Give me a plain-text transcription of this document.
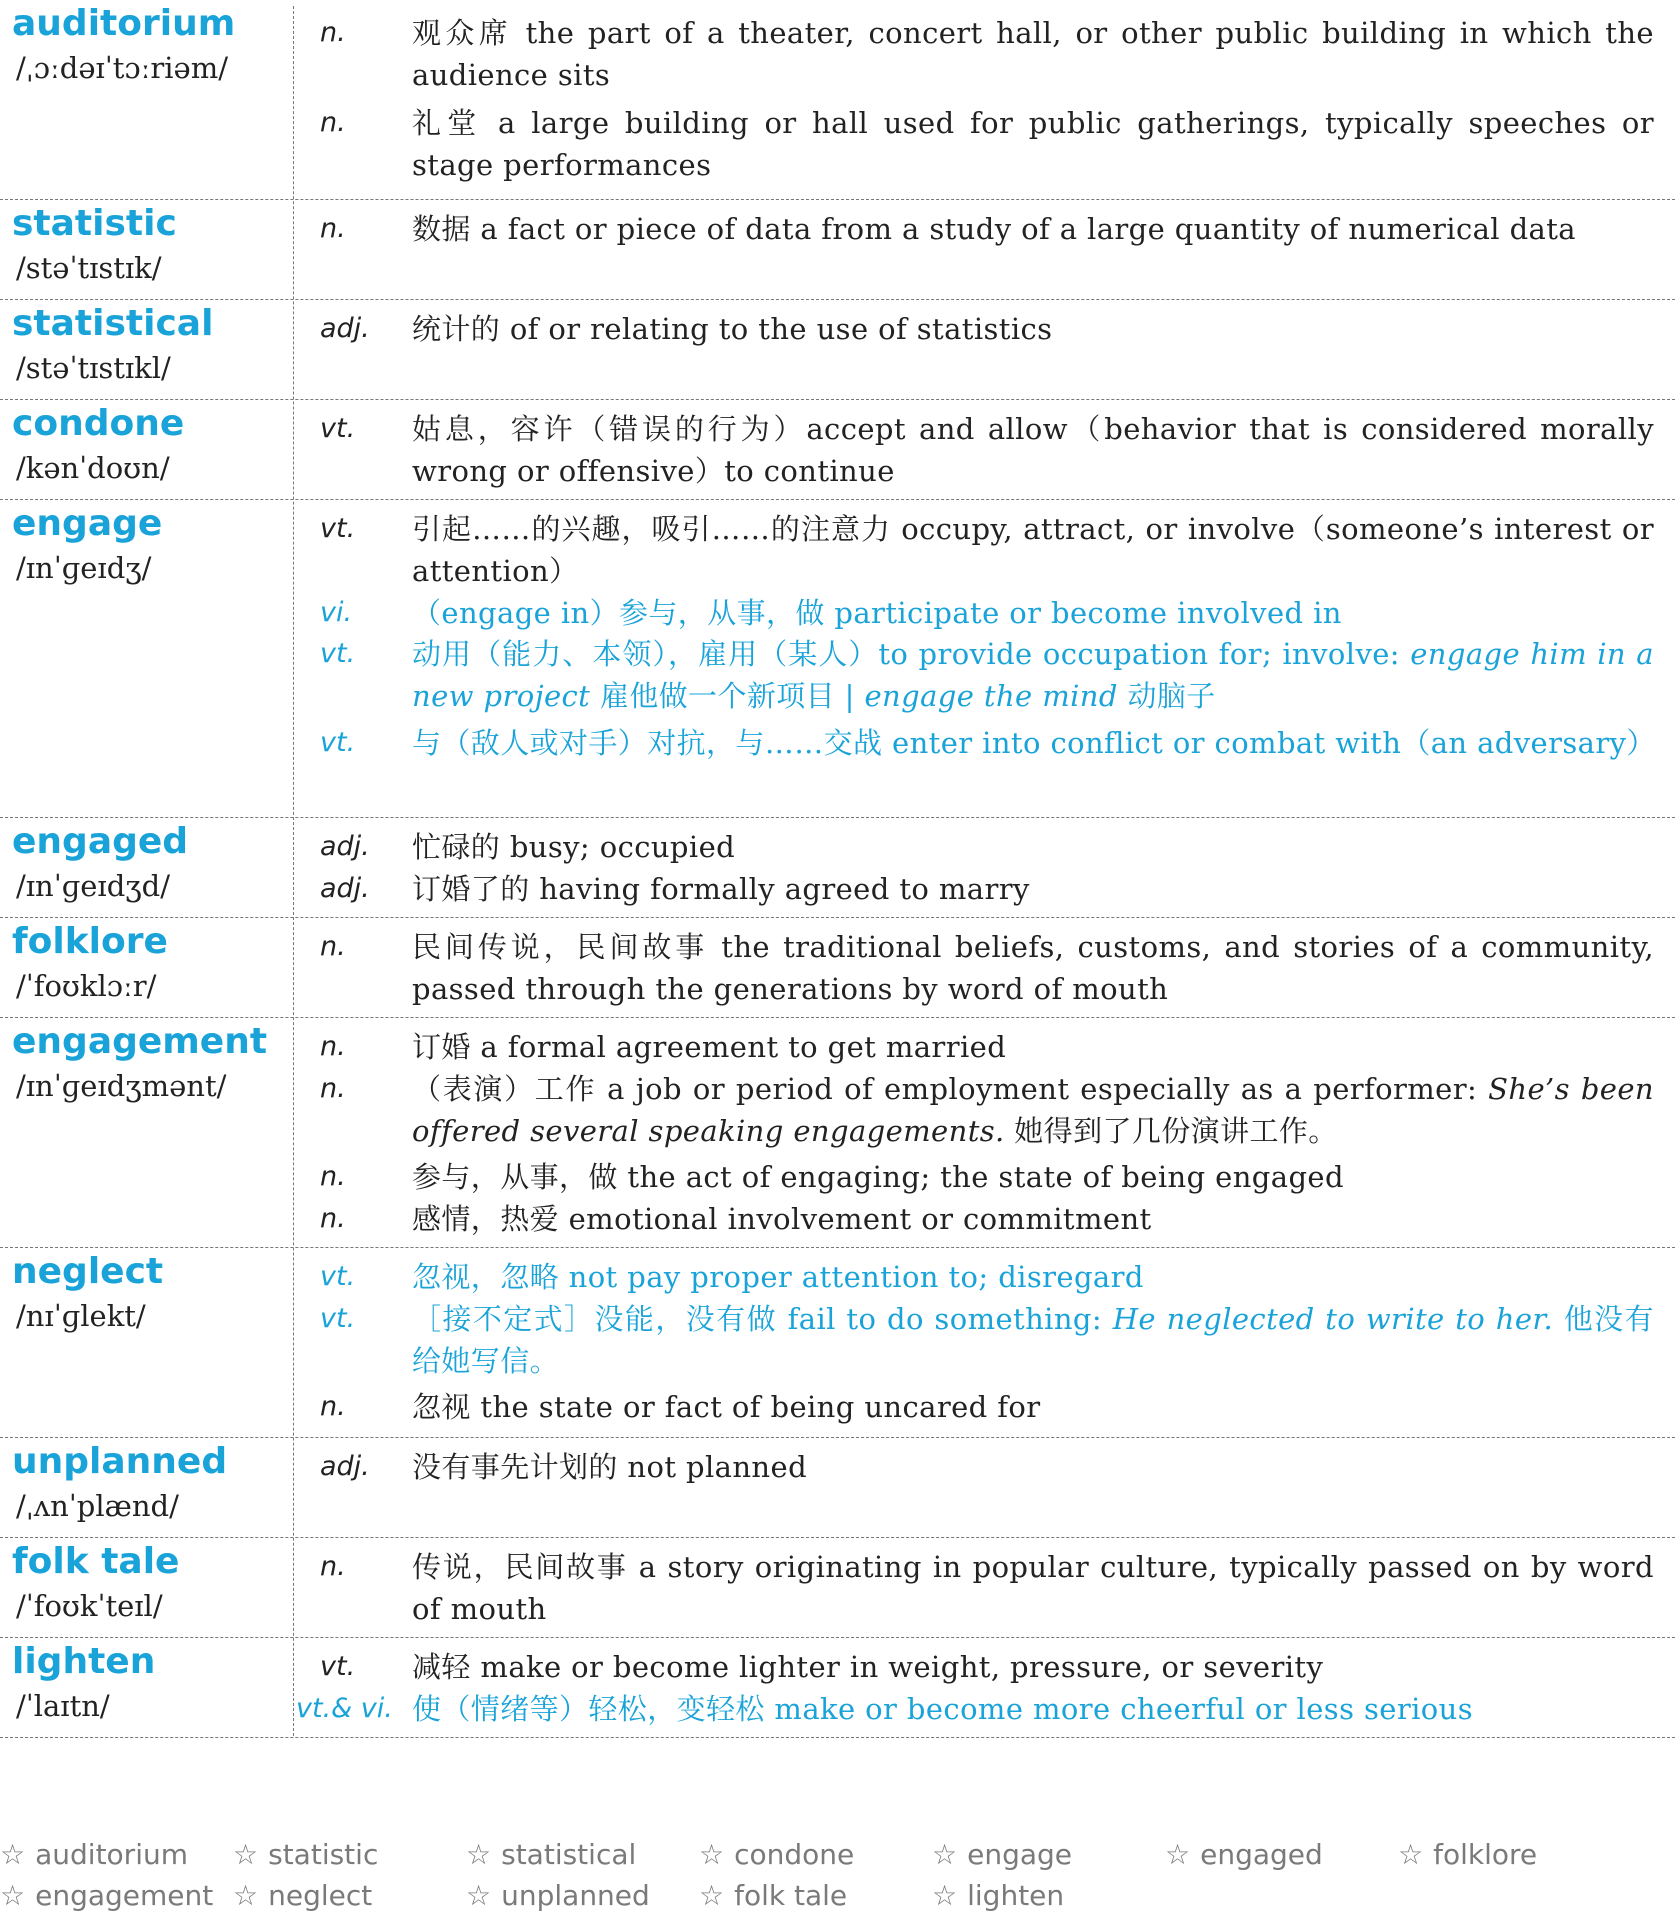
auditorium
/ˌɔːdəɪˈtɔːriəm/
n. 观众席 the part of a theater, concert hall, or other public building in which the audience sits
n. 礼堂 a large building or hall used for public gatherings, typically speeches or stage performances
statistic
/stəˈtɪstɪk/
n. 数据 a fact or piece of data from a study of a large quantity of numerical data
statistical
/stəˈtɪstɪkl/
adj. 统计的 of or relating to the use of statistics
condone
/kənˈdoʊn/
vt. 姑息，容许（错误的行为）accept and allow（behavior that is considered morally wrong or offensive）to continue
engage
/ɪnˈɡeɪdʒ/
vt. 引起……的兴趣，吸引……的注意力 occupy, attract, or involve（someone’s interest or attention）
vi. （engage in）参与，从事，做 participate or become involved in
vt. 动用（能力、本领），雇用（某人）to provide occupation for; involve: engage him in a new project 雇他做一个新项目 | engage the mind 动脑子
vt. 与（敌人或对手）对抗，与……交战 enter into conflict or combat with（an adversary）
engaged
/ɪnˈɡeɪdʒd/
adj. 忙碌的 busy; occupied
adj. 订婚了的 having formally agreed to marry
folklore
/ˈfoʊklɔːr/
n. 民间传说，民间故事 the traditional beliefs, customs, and stories of a community, passed through the generations by word of mouth
engagement
/ɪnˈɡeɪdʒmənt/
n. 订婚 a formal agreement to get married
n. （表演）工作 a job or period of employment especially as a performer: She’s been offered several speaking engagements. 她得到了几份演讲工作。
n. 参与，从事，做 the act of engaging; the state of being engaged
n. 感情，热爱 emotional involvement or commitment
neglect
/nɪˈɡlekt/
vt. 忽视，忽略 not pay proper attention to; disregard
vt. ［接不定式］没能，没有做 fail to do something: He neglected to write to her. 他没有给她写信。
n. 忽视 the state or fact of being uncared for
unplanned
/ˌʌnˈplænd/
adj. 没有事先计划的 not planned
folk tale
/ˈfoʊkˈteɪl/
n. 传说，民间故事 a story originating in popular culture, typically passed on by word of mouth
lighten
/ˈlaɪtn/
vt. 减轻 make or become lighter in weight, pressure, or severity
vt.& vi. 使（情绪等）轻松，变轻松 make or become more cheerful or less serious
☆ auditorium ☆ statistic	☆ statistical ☆ condone	☆ engage	☆ engaged	☆ folklore
☆ engagement ☆ neglect	☆ unplanned ☆ folk tale	☆ lighten
